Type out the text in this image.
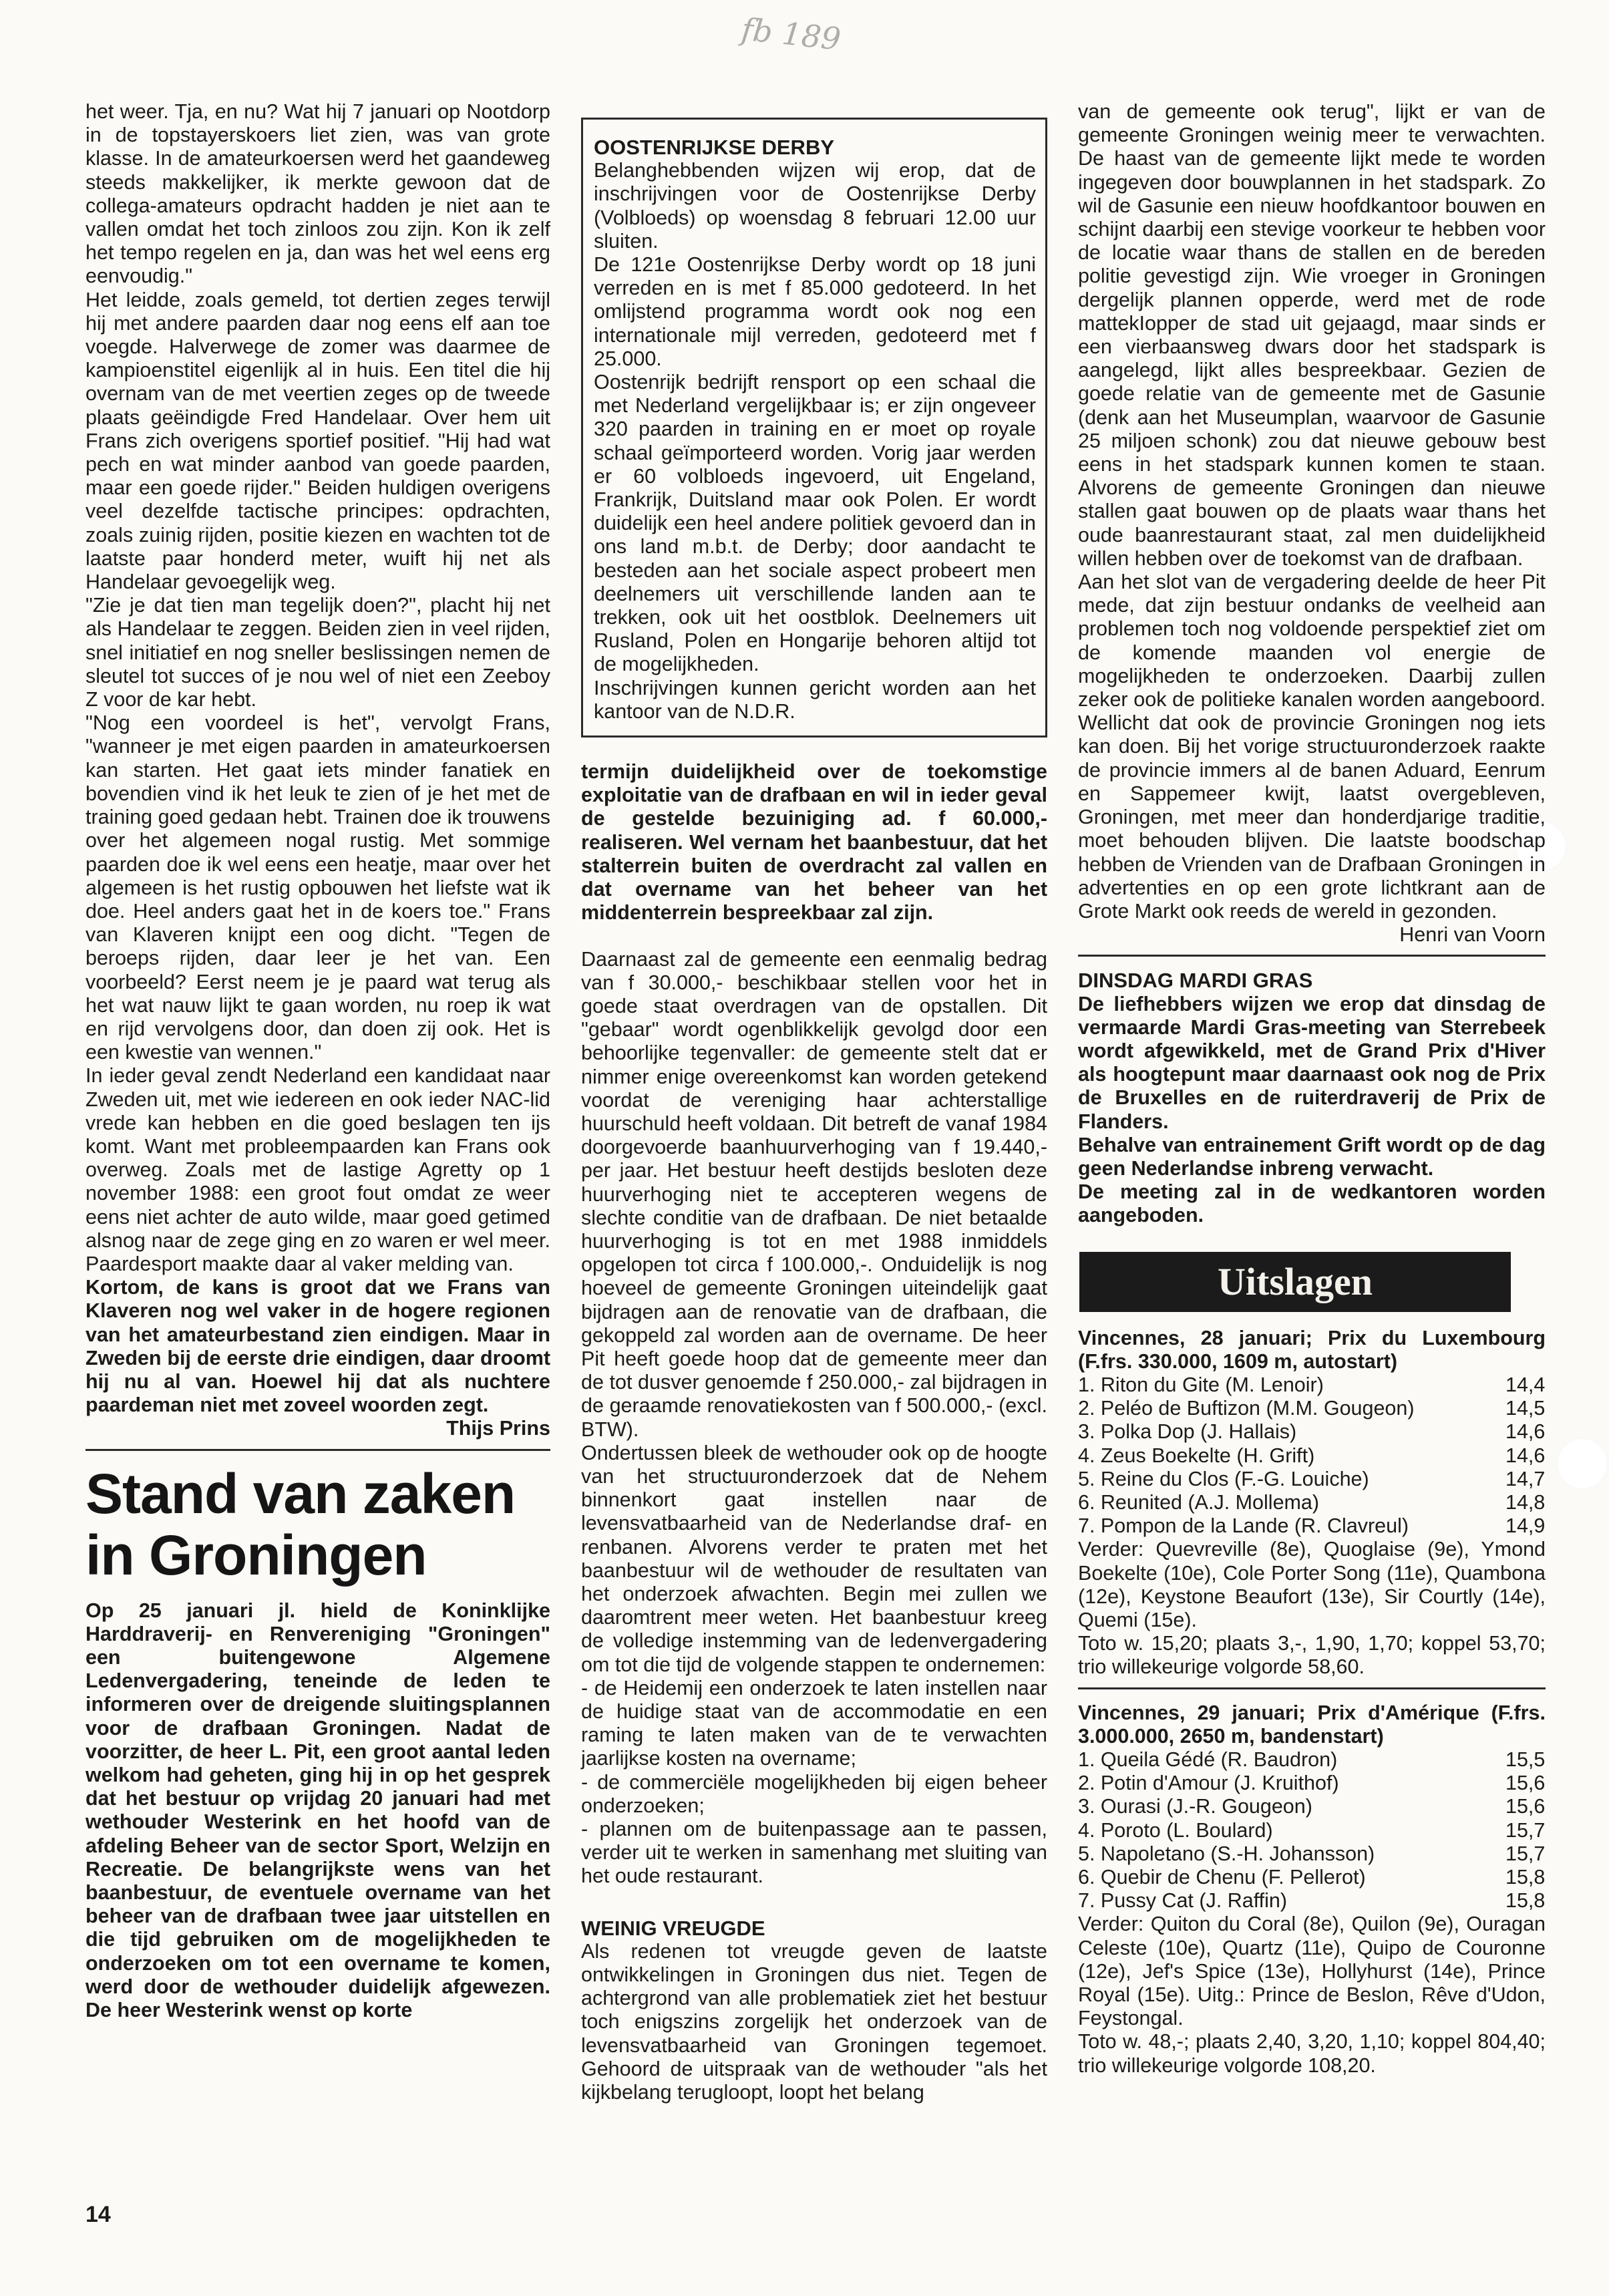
fb 189

het weer. Tja, en nu? Wat hij 7 januari op Nootdorp in de topstayerskoers liet zien, was van grote klasse. In de amateurkoersen werd het gaandeweg steeds makkelijker, ik merkte gewoon dat de collega-amateurs opdracht hadden je niet aan te vallen omdat het toch zinloos zou zijn. Kon ik zelf het tempo regelen en ja, dan was het wel eens erg eenvoudig."

Het leidde, zoals gemeld, tot dertien zeges terwijl hij met andere paarden daar nog eens elf aan toe voegde. Halverwege de zomer was daarmee de kampioenstitel eigenlijk al in huis. Een titel die hij overnam van de met veertien zeges op de tweede plaats geëindigde Fred Handelaar. Over hem uit Frans zich overigens sportief positief. "Hij had wat pech en wat minder aanbod van goede paarden, maar een goede rijder." Beiden huldigen overigens veel dezelfde tactische principes: opdrachten, zoals zuinig rijden, positie kiezen en wachten tot de laatste paar honderd meter, wuift hij net als Handelaar gevoegelijk weg.

"Zie je dat tien man tegelijk doen?", placht hij net als Handelaar te zeggen. Beiden zien in veel rijden, snel initiatief en nog sneller beslissingen nemen de sleutel tot succes of je nou wel of niet een Zeeboy Z voor de kar hebt.

"Nog een voordeel is het", vervolgt Frans, "wanneer je met eigen paarden in amateurkoersen kan starten. Het gaat iets minder fanatiek en bovendien vind ik het leuk te zien of je het met de training goed gedaan hebt. Trainen doe ik trouwens over het algemeen nogal rustig. Met sommige paarden doe ik wel eens een heatje, maar over het algemeen is het rustig opbouwen het liefste wat ik doe. Heel anders gaat het in de koers toe." Frans van Klaveren knijpt een oog dicht. "Tegen de beroeps rijden, daar leer je het van. Een voorbeeld? Eerst neem je je paard wat terug als het wat nauw lijkt te gaan worden, nu roep ik wat en rijd vervolgens door, dan doen zij ook. Het is een kwestie van wennen."

In ieder geval zendt Nederland een kandidaat naar Zweden uit, met wie iedereen en ook ieder NAC-lid vrede kan hebben en die goed beslagen ten ijs komt. Want met probleempaarden kan Frans ook overweg. Zoals met de lastige Agretty op 1 november 1988: een groot fout omdat ze weer eens niet achter de auto wilde, maar goed getimed alsnog naar de zege ging en zo waren er wel meer. Paardesport maakte daar al vaker melding van.

Kortom, de kans is groot dat we Frans van Klaveren nog wel vaker in de hogere regionen van het amateurbestand zien eindigen. Maar in Zweden bij de eerste drie eindigen, daar droomt hij nu al van. Hoewel hij dat als nuchtere paardeman niet met zoveel woorden zegt.

Thijs Prins

Stand van zaken in Groningen

Op 25 januari jl. hield de Koninklijke Harddraverij- en Renvereniging "Groningen" een buitengewone Algemene Ledenvergadering, teneinde de leden te informeren over de dreigende sluitingsplannen voor de drafbaan Groningen. Nadat de voorzitter, de heer L. Pit, een groot aantal leden welkom had geheten, ging hij in op het gesprek dat het bestuur op vrijdag 20 januari had met wethouder Westerink en het hoofd van de afdeling Beheer van de sector Sport, Welzijn en Recreatie. De belangrijkste wens van het baanbestuur, de eventuele overname van het beheer van de drafbaan twee jaar uitstellen en die tijd gebruiken om de mogelijkheden te onderzoeken om tot een overname te komen, werd door de wethouder duidelijk afgewezen. De heer Westerink wenst op korte

OOSTENRIJKSE DERBY

Belanghebbenden wijzen wij erop, dat de inschrijvingen voor de Oostenrijkse Derby (Volbloeds) op woensdag 8 februari 12.00 uur sluiten.

De 121e Oostenrijkse Derby wordt op 18 juni verreden en is met f 85.000 gedoteerd. In het omlijstend programma wordt ook nog een internationale mijl verreden, gedoteerd met f 25.000.

Oostenrijk bedrijft rensport op een schaal die met Nederland vergelijkbaar is; er zijn ongeveer 320 paarden in training en er moet op royale schaal geïmporteerd worden. Vorig jaar werden er 60 volbloeds ingevoerd, uit Engeland, Frankrijk, Duitsland maar ook Polen. Er wordt duidelijk een heel andere politiek gevoerd dan in ons land m.b.t. de Derby; door aandacht te besteden aan het sociale aspect probeert men deelnemers uit verschillende landen aan te trekken, ook uit het oostblok. Deelnemers uit Rusland, Polen en Hongarije behoren altijd tot de mogelijkheden.

Inschrijvingen kunnen gericht worden aan het kantoor van de N.D.R.

termijn duidelijkheid over de toekomstige exploitatie van de drafbaan en wil in ieder geval de gestelde bezuiniging ad. f 60.000,- realiseren. Wel vernam het baanbestuur, dat het stalterrein buiten de overdracht zal vallen en dat overname van het beheer van het middenterrein bespreekbaar zal zijn.

Daarnaast zal de gemeente een eenmalig bedrag van f 30.000,- beschikbaar stellen voor het in goede staat overdragen van de opstallen. Dit "gebaar" wordt ogenblikkelijk gevolgd door een behoorlijke tegenvaller: de gemeente stelt dat er nimmer enige overeenkomst kan worden getekend voordat de vereniging haar achterstallige huurschuld heeft voldaan. Dit betreft de vanaf 1984 doorgevoerde baanhuurverhoging van f 19.440,- per jaar. Het bestuur heeft destijds besloten deze huurverhoging niet te accepteren wegens de slechte conditie van de drafbaan. De niet betaalde huurverhoging is tot en met 1988 inmiddels opgelopen tot circa f 100.000,-. Onduidelijk is nog hoeveel de gemeente Groningen uiteindelijk gaat bijdragen aan de renovatie van de drafbaan, die gekoppeld zal worden aan de overname. De heer Pit heeft goede hoop dat de gemeente meer dan de tot dusver genoemde f 250.000,- zal bijdragen in de geraamde renovatiekosten van f 500.000,- (excl. BTW).

Ondertussen bleek de wethouder ook op de hoogte van het structuuronderzoek dat de Nehem binnenkort gaat instellen naar de levensvatbaarheid van de Nederlandse draf- en renbanen. Alvorens verder te praten met het baanbestuur wil de wethouder de resultaten van het onderzoek afwachten. Begin mei zullen we daaromtrent meer weten. Het baanbestuur kreeg de volledige instemming van de ledenvergadering om tot die tijd de volgende stappen te ondernemen:

- de Heidemij een onderzoek te laten instellen naar de huidige staat van de accommodatie en een raming te laten maken van de te verwachten jaarlijkse kosten na overname;

- de commerciële mogelijkheden bij eigen beheer onderzoeken;

- plannen om de buitenpassage aan te passen, verder uit te werken in samenhang met sluiting van het oude restaurant.

WEINIG VREUGDE

Als redenen tot vreugde geven de laatste ontwikkelingen in Groningen dus niet. Tegen de achtergrond van alle problematiek ziet het bestuur toch enigszins zorgelijk het onderzoek van de levensvatbaarheid van Groningen tegemoet. Gehoord de uitspraak van de wethouder "als het kijkbelang terugloopt, loopt het belang

van de gemeente ook terug", lijkt er van de gemeente Groningen weinig meer te verwachten. De haast van de gemeente lijkt mede te worden ingegeven door bouwplannen in het stadspark. Zo wil de Gasunie een nieuw hoofdkantoor bouwen en schijnt daarbij een stevige voorkeur te hebben voor de locatie waar thans de stallen en de bereden politie gevestigd zijn. Wie vroeger in Groningen dergelijk plannen opperde, werd met de rode mattekIopper de stad uit gejaagd, maar sinds er een vierbaansweg dwars door het stadspark is aangelegd, lijkt alles bespreekbaar. Gezien de goede relatie van de gemeente met de Gasunie (denk aan het Museumplan, waarvoor de Gasunie 25 miljoen schonk) zou dat nieuwe gebouw best eens in het stadspark kunnen komen te staan. Alvorens de gemeente Groningen dan nieuwe stallen gaat bouwen op de plaats waar thans het oude baanrestaurant staat, zal men duidelijkheid willen hebben over de toekomst van de drafbaan.

Aan het slot van de vergadering deelde de heer Pit mede, dat zijn bestuur ondanks de veelheid aan problemen toch nog voldoende perspektief ziet om de komende maanden vol energie de mogelijkheden te onderzoeken. Daarbij zullen zeker ook de politieke kanalen worden aangeboord. Wellicht dat ook de provincie Groningen nog iets kan doen. Bij het vorige structuuronderzoek raakte de provincie immers al de banen Aduard, Eenrum en Sappemeer kwijt, laatst overgebleven, Groningen, met meer dan honderdjarige traditie, moet behouden blijven. Die laatste boodschap hebben de Vrienden van de Drafbaan Groningen in advertenties en op een grote lichtkrant aan de Grote Markt ook reeds de wereld in gezonden.

Henri van Voorn

DINSDAG MARDI GRAS

De liefhebbers wijzen we erop dat dinsdag de vermaarde Mardi Gras-meeting van Sterrebeek wordt afgewikkeld, met de Grand Prix d'Hiver als hoogtepunt maar daarnaast ook nog de Prix de Bruxelles en de ruiterdraverij de Prix de Flanders.

Behalve van entrainement Grift wordt op de dag geen Nederlandse inbreng verwacht.

De meeting zal in de wedkantoren worden aangeboden.

Uitslagen

Vincennes, 28 januari; Prix du Luxembourg (F.frs. 330.000, 1609 m, autostart)

1. Riton du Gite (M. Lenoir)	14,4
2. Peléo de Buftizon (M.M. Gougeon)	14,5
3. Polka Dop (J. Hallais)	14,6
4. Zeus Boekelte (H. Grift)	14,6
5. Reine du Clos (F.-G. Louiche)	14,7
6. Reunited (A.J. Mollema)	14,8
7. Pompon de la Lande (R. Clavreul)	14,9

Verder: Quevreville (8e), Quoglaise (9e), Ymond Boekelte (10e), Cole Porter Song (11e), Quambona (12e), Keystone Beaufort (13e), Sir Courtly (14e), Quemi (15e).

Toto w. 15,20; plaats 3,-, 1,90, 1,70; koppel 53,70; trio willekeurige volgorde 58,60.

Vincennes, 29 januari; Prix d'Amérique (F.frs. 3.000.000, 2650 m, bandenstart)

1. Queila Gédé (R. Baudron)	15,5
2. Potin d'Amour (J. Kruithof)	15,6
3. Ourasi (J.-R. Gougeon)	15,6
4. Poroto (L. Boulard)	15,7
5. Napoletano (S.-H. Johansson)	15,7
6. Quebir de Chenu (F. Pellerot)	15,8
7. Pussy Cat (J. Raffin)	15,8

Verder: Quiton du Coral (8e), Quilon (9e), Ouragan Celeste (10e), Quartz (11e), Quipo de Couronne (12e), Jef's Spice (13e), Hollyhurst (14e), Prince Royal (15e). Uitg.: Prince de Beslon, Rêve d'Udon, Feystongal.

Toto w. 48,-; plaats 2,40, 3,20, 1,10; koppel 804,40; trio willekeurige volgorde 108,20.

14
